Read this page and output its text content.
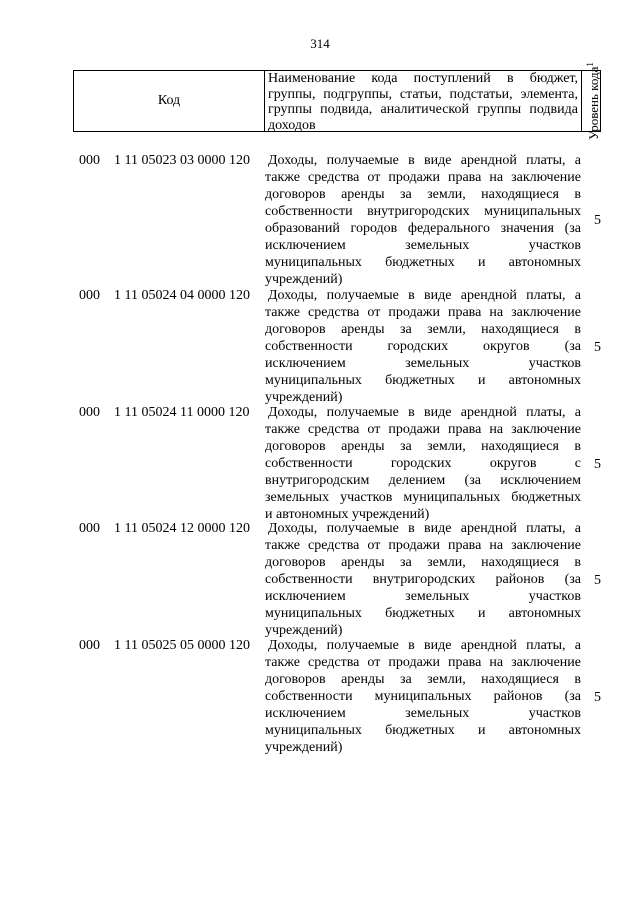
314
Код
Наименование кода поступлений в бюджет, группы, подгруппы, статьи, подстатьи, элемента, группы подвида, аналитической группы подвида доходов	Уровень кода$^1$
000 1 11 05023 03 0000 120 Доходы, получаемые в виде арендной платы, а
также средства от продажи права на заключение
договоров аренды за земли, находящиеся в
собственности внутригородских муниципальных
образований городов федерального значения (за
исключением земельных участков
муниципальных бюджетных и автономных
учреждений)
5
000 1 11 05024 04 0000 120 Доходы, получаемые в виде арендной платы, а
также средства от продажи права на заключение
договоров аренды за земли, находящиеся в
собственности городских округов (за
исключением земельных участков
муниципальных бюджетных и автономных
учреждений)
5
000 1 11 05024 11 0000 120 Доходы, получаемые в виде арендной платы, а
также средства от продажи права на заключение
договоров аренды за земли, находящиеся в
собственности городских округов с
внутригородским делением (за исключением
земельных участков муниципальных бюджетных
и автономных учреждений)
5
000 1 11 05024 12 0000 120 Доходы, получаемые в виде арендной платы, а
также средства от продажи права на заключение
договоров аренды за земли, находящиеся в
собственности внутригородских районов (за
исключением земельных участков
муниципальных бюджетных и автономных
учреждений)
5
000 1 11 05025 05 0000 120 Доходы, получаемые в виде арендной платы, а
также средства от продажи права на заключение
договоров аренды за земли, находящиеся в
собственности муниципальных районов (за
исключением земельных участков
муниципальных бюджетных и автономных
учреждений)
5
